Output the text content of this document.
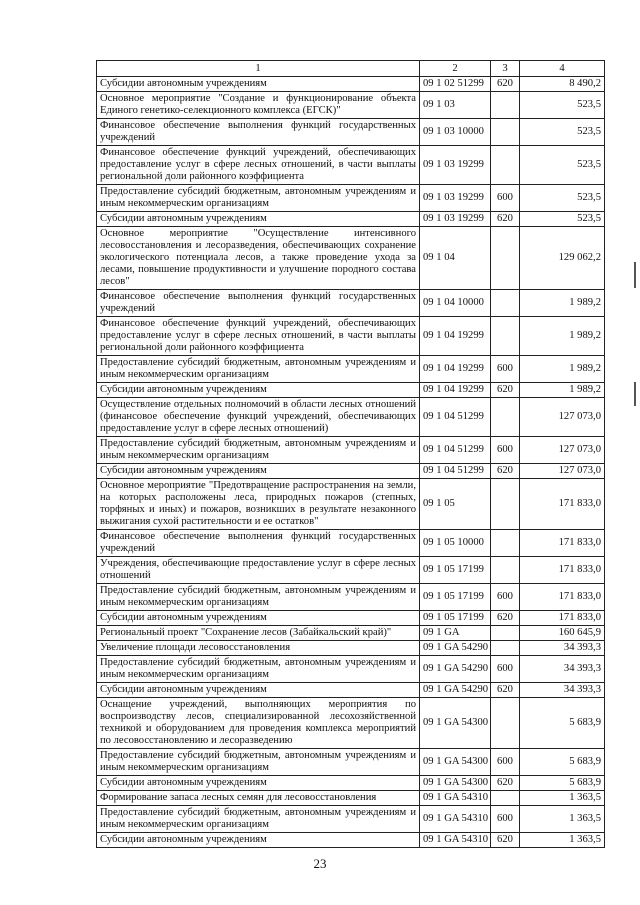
1	2	3	4
Субсидии автономным учреждениям	09 1 02 51299	620	8 490,2
Основное мероприятие "Создание и функционирование объекта Единого генетико-селекционного комплекса (ЕГСК)"	09 1 03		523,5
Финансовое обеспечение выполнения функций государственных учреждений	09 1 03 10000		523,5
Финансовое обеспечение функций учреждений, обеспечивающих предоставление услуг в сфере лесных отношений, в части выплаты региональной доли районного коэффициента	09 1 03 19299		523,5
Предоставление субсидий бюджетным, автономным учреждениям и иным некоммерческим организациям	09 1 03 19299	600	523,5
Субсидии автономным учреждениям	09 1 03 19299	620	523,5
Основное мероприятие "Осуществление интенсивного лесовосстановления и лесоразведения, обеспечивающих сохранение экологического потенциала лесов, а также проведение ухода за лесами, повышение продуктивности и улучшение породного состава лесов"	09 1 04		129 062,2
Финансовое обеспечение выполнения функций государственных учреждений	09 1 04 10000		1 989,2
Финансовое обеспечение функций учреждений, обеспечивающих предоставление услуг в сфере лесных отношений, в части выплаты региональной доли районного коэффициента	09 1 04 19299		1 989,2
Предоставление субсидий бюджетным, автономным учреждениям и иным некоммерческим организациям	09 1 04 19299	600	1 989,2
Субсидии автономным учреждениям	09 1 04 19299	620	1 989,2
Осуществление отдельных полномочий в области лесных отношений (финансовое обеспечение функций учреждений, обеспечивающих предоставление услуг в сфере лесных отношений)	09 1 04 51299		127 073,0
Предоставление субсидий бюджетным, автономным учреждениям и иным некоммерческим организациям	09 1 04 51299	600	127 073,0
Субсидии автономным учреждениям	09 1 04 51299	620	127 073,0
Основное мероприятие "Предотвращение распространения на земли, на которых расположены леса, природных пожаров (степных, торфяных и иных) и пожаров, возникших в результате незаконного выжигания сухой растительности и ее остатков"	09 1 05		171 833,0
Финансовое обеспечение выполнения функций государственных учреждений	09 1 05 10000		171 833,0
Учреждения, обеспечивающие предоставление услуг в сфере лесных отношений	09 1 05 17199		171 833,0
Предоставление субсидий бюджетным, автономным учреждениям и иным некоммерческим организациям	09 1 05 17199	600	171 833,0
Субсидии автономным учреждениям	09 1 05 17199	620	171 833,0
Региональный проект "Сохранение лесов (Забайкальский край)"	09 1 GA		160 645,9
Увеличение площади лесовосстановления	09 1 GA 54290		34 393,3
Предоставление субсидий бюджетным, автономным учреждениям и иным некоммерческим организациям	09 1 GA 54290	600	34 393,3
Субсидии автономным учреждениям	09 1 GA 54290	620	34 393,3
Оснащение учреждений, выполняющих мероприятия по воспроизводству лесов, специализированной лесохозяйственной техникой и оборудованием для проведения комплекса мероприятий по лесовосстановлению и лесоразведению	09 1 GA 54300		5 683,9
Предоставление субсидий бюджетным, автономным учреждениям и иным некоммерческим организациям	09 1 GA 54300	600	5 683,9
Субсидии автономным учреждениям	09 1 GA 54300	620	5 683,9
Формирование запаса лесных семян для лесовосстановления	09 1 GA 54310		1 363,5
Предоставление субсидий бюджетным, автономным учреждениям и иным некоммерческим организациям	09 1 GA 54310	600	1 363,5
Субсидии автономным учреждениям	09 1 GA 54310	620	1 363,5
23
